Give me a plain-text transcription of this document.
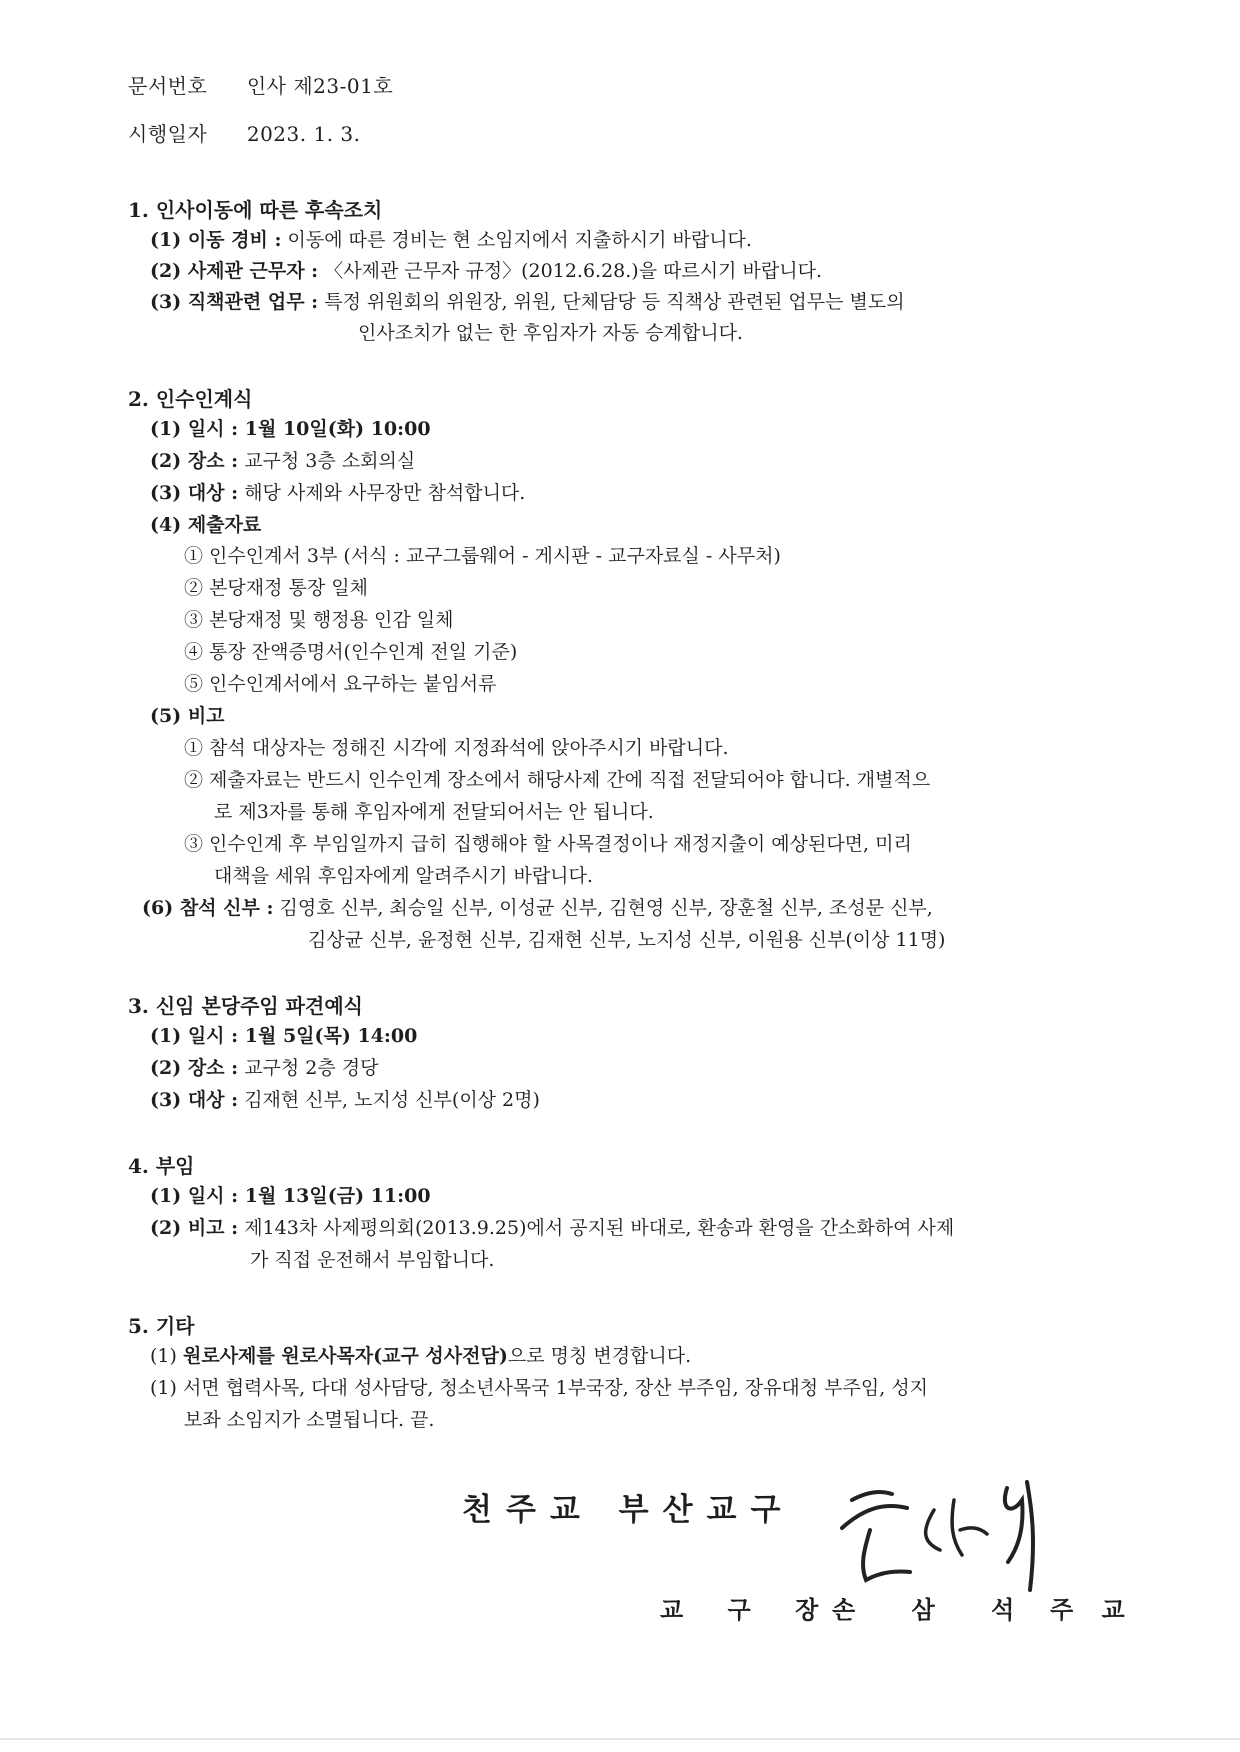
문서번호 인사 제23-01호
시행일자 2023. 1. 3.
1. 인사이동에 따른 후속조치
(1) 이동 경비 : 이동에 따른 경비는 현 소임지에서 지출하시기 바랍니다.
(2) 사제관 근무자 : 〈사제관 근무자 규정〉(2012.6.28.)을 따르시기 바랍니다.
(3) 직책관련 업무 : 특정 위원회의 위원장, 위원, 단체담당 등 직책상 관련된 업무는 별도의
인사조치가 없는 한 후임자가 자동 승계합니다.
2. 인수인계식
(1) 일시 : 1월 10일(화) 10:00
(2) 장소 : 교구청 3층 소회의실
(3) 대상 : 해당 사제와 사무장만 참석합니다.
(4) 제출자료
① 인수인계서 3부 (서식 : 교구그룹웨어 - 게시판 - 교구자료실 - 사무처)
② 본당재정 통장 일체
③ 본당재정 및 행정용 인감 일체
④ 통장 잔액증명서(인수인계 전일 기준)
⑤ 인수인계서에서 요구하는 붙임서류
(5) 비고
① 참석 대상자는 정해진 시각에 지정좌석에 앉아주시기 바랍니다.
② 제출자료는 반드시 인수인계 장소에서 해당사제 간에 직접 전달되어야 합니다. 개별적으
로 제3자를 통해 후임자에게 전달되어서는 안 됩니다.
③ 인수인계 후 부임일까지 급히 집행해야 할 사목결정이나 재정지출이 예상된다면, 미리
대책을 세워 후임자에게 알려주시기 바랍니다.
(6) 참석 신부 : 김영호 신부, 최승일 신부, 이성균 신부, 김현영 신부, 장훈철 신부, 조성문 신부,
김상균 신부, 윤정현 신부, 김재현 신부, 노지성 신부, 이원용 신부(이상 11명)
3. 신임 본당주임 파견예식
(1) 일시 : 1월 5일(목) 14:00
(2) 장소 : 교구청 2층 경당
(3) 대상 : 김재현 신부, 노지성 신부(이상 2명)
4. 부임
(1) 일시 : 1월 13일(금) 11:00
(2) 비고 : 제143차 사제평의회(2013.9.25)에서 공지된 바대로, 환송과 환영을 간소화하여 사제
가 직접 운전해서 부임합니다.
5. 기타
(1) 원로사제를 원로사목자(교구 성사전담)으로 명칭 변경합니다.
(1) 서면 협력사목, 다대 성사담당, 청소년사목국 1부국장, 장산 부주임, 장유대청 부주임, 성지
보좌 소임지가 소멸됩니다. 끝.
천주교 부산교구
교 구 장
손 삼 석 주 교
